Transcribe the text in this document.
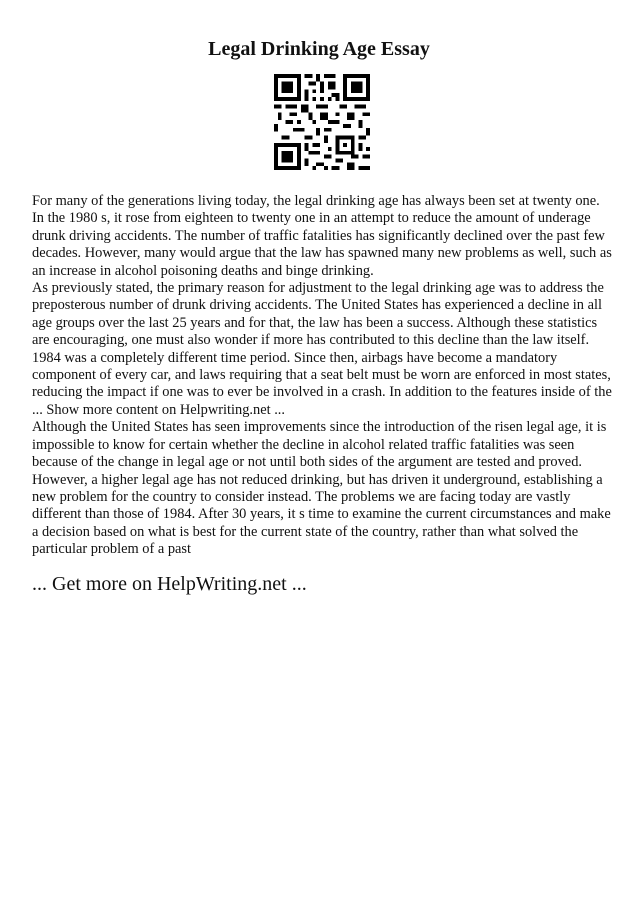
Legal Drinking Age Essay

For many of the generations living today, the legal drinking age has always been set at twenty one. In the 1980 s, it rose from eighteen to twenty one in an attempt to reduce the amount of underage drunk driving accidents. The number of traffic fatalities has significantly declined over the past few decades. However, many would argue that the law has spawned many new problems as well, such as an increase in alcohol poisoning deaths and binge drinking.

As previously stated, the primary reason for adjustment to the legal drinking age was to address the preposterous number of drunk driving accidents. The United States has experienced a decline in all age groups over the last 25 years and for that, the law has been a success. Although these statistics are encouraging, one must also wonder if more has contributed to this decline than the law itself. 1984 was a completely different time period. Since then, airbags have become a mandatory component of every car, and laws requiring that a seat belt must be worn are enforced in most states, reducing the impact if one was to ever be involved in a crash. In addition to the features inside of the ... Show more content on Helpwriting.net ...

Although the United States has seen improvements since the introduction of the risen legal age, it is impossible to know for certain whether the decline in alcohol related traffic fatalities was seen because of the change in legal age or not until both sides of the argument are tested and proved. However, a higher legal age has not reduced drinking, but has driven it underground, establishing a new problem for the country to consider instead. The problems we are facing today are vastly different than those of 1984. After 30 years, it s time to examine the current circumstances and make a decision based on what is best for the current state of the country, rather than what solved the particular problem of a past

... Get more on HelpWriting.net ...
